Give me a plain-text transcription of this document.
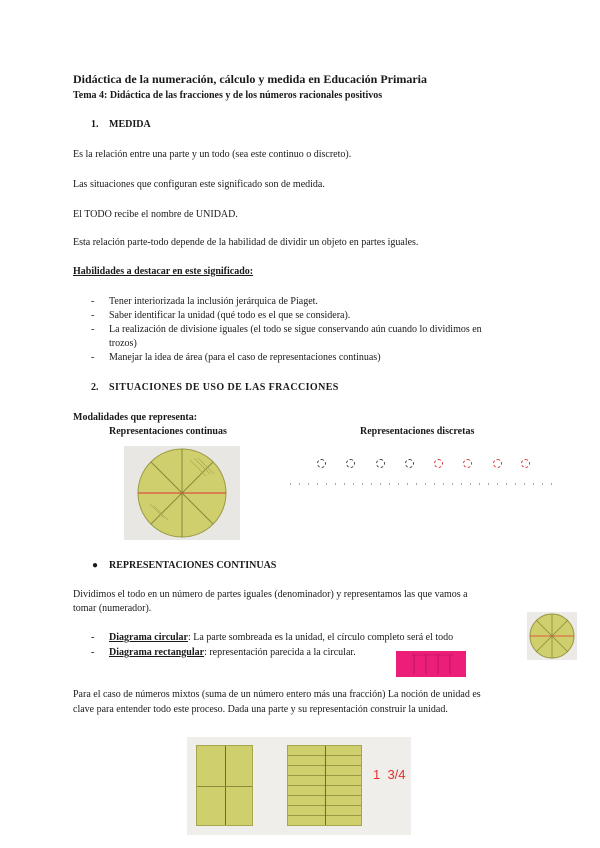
Didáctica de la numeración, cálculo y medida en Educación Primaria
Tema 4: Didáctica de las fracciones y de los números racionales positivos
1. MEDIDA
Es la relación entre una parte y un todo (sea este continuo o discreto).
Las situaciones que configuran este significado son de medida.
El TODO recibe el nombre de UNIDAD.
Esta relación parte-todo depende de la habilidad de dividir un objeto en partes iguales.
Habilidades a destacar en este significado:
- Tener interiorizada la inclusión jerárquica de Piaget.
- Saber identificar la unidad (qué todo es el que se considera).
- La realización de divisione iguales (el todo se sigue conservando aún cuando lo dividimos en
trozos)
- Manejar la idea de área (para el caso de representaciones continuas)
2. SITUACIONES DE USO DE LAS FRACCIONES
Modalidades que representa:
Representaciones continuas	Representaciones discretas
● REPRESENTACIONES CONTINUAS
Dividimos el todo en un número de partes iguales (denominador) y representamos las que vamos a
tomar (numerador).
- Diagrama circular: La parte sombreada es la unidad, el círculo completo será el todo
- Diagrama rectangular: representación parecida a la circular.
Para el caso de números mixtos (suma de un número entero más una fracción) La noción de unidad es
clave para entender todo este proceso. Dada una parte y su representación construir la unidad.
1  3/4
